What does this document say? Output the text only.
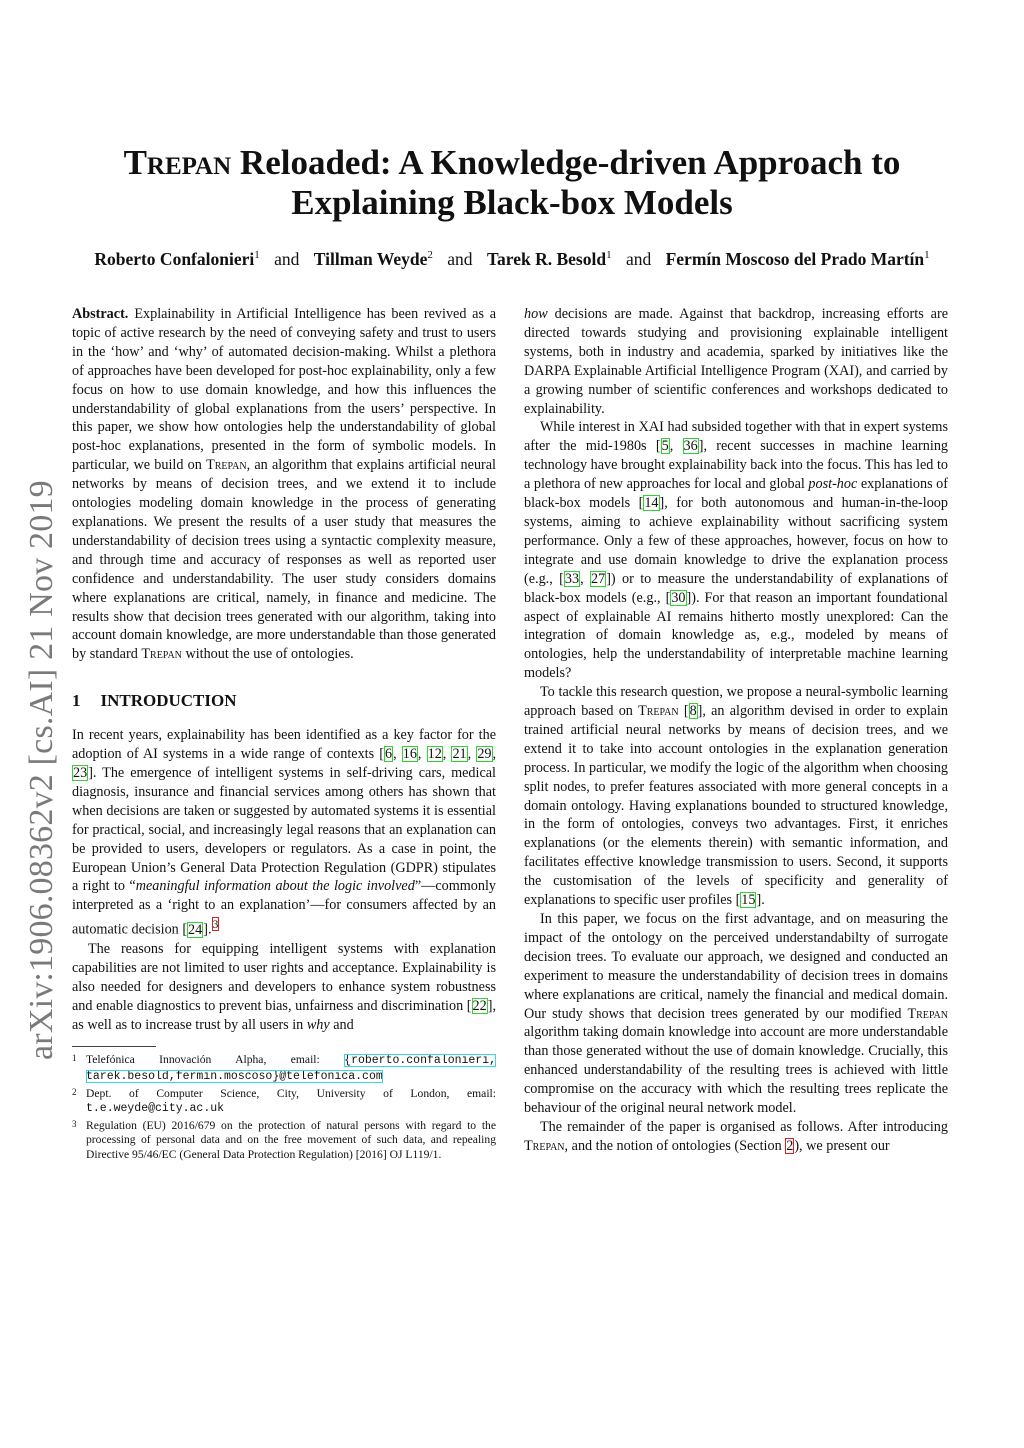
arXiv:1906.08362v2 [cs.AI] 21 Nov 2019
Trepan Reloaded: A Knowledge-driven Approach to
Explaining Black-box Models
Roberto Confalonieri$^1$ and Tillman Weyde$^2$ and Tarek R. Besold$^1$ and Fermín Moscoso del Prado Martín$^1$

Abstract. Explainability in Artificial Intelligence has been revived as a topic of active research by the need of conveying safety and trust to users in the ‘how’ and ‘why’ of automated decision-making. Whilst a plethora of approaches have been developed for post-hoc explainability, only a few focus on how to use domain knowledge, and how this influences the understandability of global explanations from the users’ perspective. In this paper, we show how ontologies help the understandability of global post-hoc explanations, presented in the form of symbolic models. In particular, we build on Trepan, an algorithm that explains artificial neural networks by means of decision trees, and we extend it to include ontologies modeling domain knowledge in the process of generating explanations. We present the results of a user study that measures the understandability of decision trees using a syntactic complexity measure, and through time and accuracy of responses as well as reported user confidence and understandability. The user study considers domains where explanations are critical, namely, in finance and medicine. The results show that decision trees generated with our algorithm, taking into account domain knowledge, are more understandable than those generated by standard Trepan without the use of ontologies.

1 INTRODUCTION

In recent years, explainability has been identified as a key factor for the adoption of AI systems in a wide range of contexts [6, 16, 12, 21, 29, 23]. The emergence of intelligent systems in self-driving cars, medical diagnosis, insurance and financial services among others has shown that when decisions are taken or suggested by automated systems it is essential for practical, social, and increasingly legal reasons that an explanation can be provided to users, developers or regulators. As a case in point, the European Union’s General Data Protection Regulation (GDPR) stipulates a right to “meaningful information about the logic involved”—commonly interpreted as a ‘right to an explanation’—for consumers affected by an automatic decision [24].$^3$

The reasons for equipping intelligent systems with explanation capabilities are not limited to user rights and acceptance. Explainability is also needed for designers and developers to enhance system robustness and enable diagnostics to prevent bias, unfairness and discrimination [22], as well as to increase trust by all users in why and

1 Telefónica Innovación Alpha, email: {roberto.confalonieri, tarek.besold,fermin.moscoso}@telefonica.com
2 Dept. of Computer Science, City, University of London, email: t.e.weyde@city.ac.uk
3 Regulation (EU) 2016/679 on the protection of natural persons with regard to the processing of personal data and on the free movement of such data, and repealing Directive 95/46/EC (General Data Protection Regulation) [2016] OJ L119/1.

how decisions are made. Against that backdrop, increasing efforts are directed towards studying and provisioning explainable intelligent systems, both in industry and academia, sparked by initiatives like the DARPA Explainable Artificial Intelligence Program (XAI), and carried by a growing number of scientific conferences and workshops dedicated to explainability.

While interest in XAI had subsided together with that in expert systems after the mid-1980s [5, 36], recent successes in machine learning technology have brought explainability back into the focus. This has led to a plethora of new approaches for local and global post-hoc explanations of black-box models [14], for both autonomous and human-in-the-loop systems, aiming to achieve explainability without sacrificing system performance. Only a few of these approaches, however, focus on how to integrate and use domain knowledge to drive the explanation process (e.g., [33, 27]) or to measure the understandability of explanations of black-box models (e.g., [30]). For that reason an important foundational aspect of explainable AI remains hitherto mostly unexplored: Can the integration of domain knowledge as, e.g., modeled by means of ontologies, help the understandability of interpretable machine learning models?

To tackle this research question, we propose a neural-symbolic learning approach based on Trepan [8], an algorithm devised in order to explain trained artificial neural networks by means of decision trees, and we extend it to take into account ontologies in the explanation generation process. In particular, we modify the logic of the algorithm when choosing split nodes, to prefer features associated with more general concepts in a domain ontology. Having explanations bounded to structured knowledge, in the form of ontologies, conveys two advantages. First, it enriches explanations (or the elements therein) with semantic information, and facilitates effective knowledge transmission to users. Second, it supports the customisation of the levels of specificity and generality of explanations to specific user profiles [15].

In this paper, we focus on the first advantage, and on measuring the impact of the ontology on the perceived understandabilty of surrogate decision trees. To evaluate our approach, we designed and conducted an experiment to measure the understandability of decision trees in domains where explanations are critical, namely the financial and medical domain. Our study shows that decision trees generated by our modified Trepan algorithm taking domain knowledge into account are more understandable than those generated without the use of domain knowledge. Crucially, this enhanced understandability of the resulting trees is achieved with little compromise on the accuracy with which the resulting trees replicate the behaviour of the original neural network model.

The remainder of the paper is organised as follows. After introducing Trepan, and the notion of ontologies (Section 2), we present our
